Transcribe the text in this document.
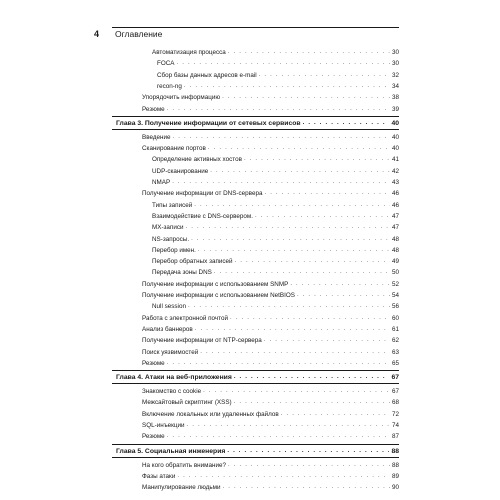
4 Оглавление
Автоматизация процесса . . .	30
FOCA . . .	30
Сбор базы данных адресов e-mail . . .	32
recon-ng . . .	34
Упорядочить информацию . . .	38
Резюме . . .	39
Глава 3. Получение информации от сетевых сервисов . . .	40
Введение . . .	40
Сканирование портов . . .	40
Определение активных хостов . . .	41
UDP-сканирование . . .	42
NMAP . . .	43
Получение информации от DNS-сервера . . .	46
Типы записей . . .	46
Взаимодействие с DNS-сервером. . . .	47
MX-записи . . .	47
NS-запросы. . . .	48
Перебор имен. . . .	48
Перебор обратных записей . . .	49
Передача зоны DNS . . .	50
Получение информации с использованием SNMP . . .	52
Получение информации с использованием NetBIOS . . .	54
Null session . . .	56
Работа с электронной почтой . . .	60
Анализ баннеров . . .	61
Получение информации от NTP-сервера . . .	62
Поиск уязвимостей . . .	63
Резюме . . .	65
Глава 4. Атаки на веб-приложения . . .	67
Знакомство с cookie . . .	67
Межсайтовый скриптинг (XSS) . . .	68
Включение локальных или удаленных файлов . . .	72
SQL-инъекции . . .	74
Резюме . . .	87
Глава 5. Социальная инженерия . . .	88
На кого обратить внимание? . . .	88
Фазы атаки . . .	89
Манипулирование людьми . . .	90
